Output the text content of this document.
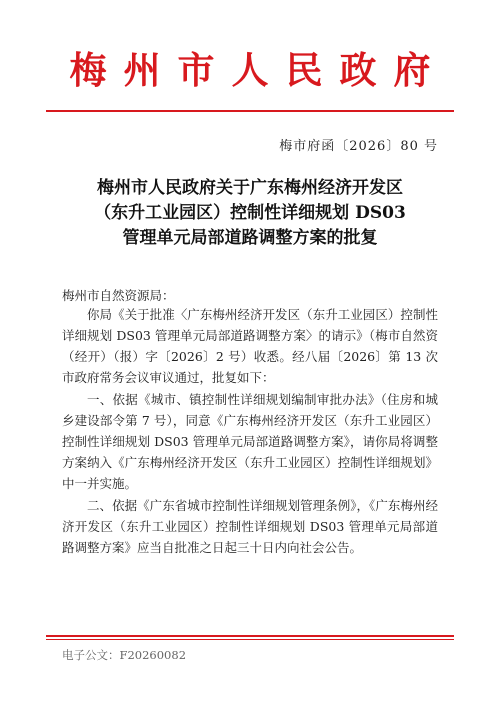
梅州市人民政府
梅市府函〔2026〕80 号
梅州市人民政府关于广东梅州经济开发区
（东升工业园区）控制性详细规划 DS03
管理单元局部道路调整方案的批复
梅州市自然资源局：

你局《关于批准〈广东梅州经济开发区（东升工业园区）控制性详细规划 DS03 管理单元局部道路调整方案〉的请示》（梅市自然资（经开）（报）字〔2026〕2 号）收悉。经八届〔2026〕第 13 次市政府常务会议审议通过，批复如下：

一、依据《城市、镇控制性详细规划编制审批办法》（住房和城乡建设部令第 7 号），同意《广东梅州经济开发区（东升工业园区）控制性详细规划 DS03 管理单元局部道路调整方案》，请你局将调整方案纳入《广东梅州经济开发区（东升工业园区）控制性详细规划》中一并实施。

二、依据《广东省城市控制性详细规划管理条例》，《广东梅州经济开发区（东升工业园区）控制性详细规划 DS03 管理单元局部道路调整方案》应当自批准之日起三十日内向社会公告。

电子公文：F20260082
